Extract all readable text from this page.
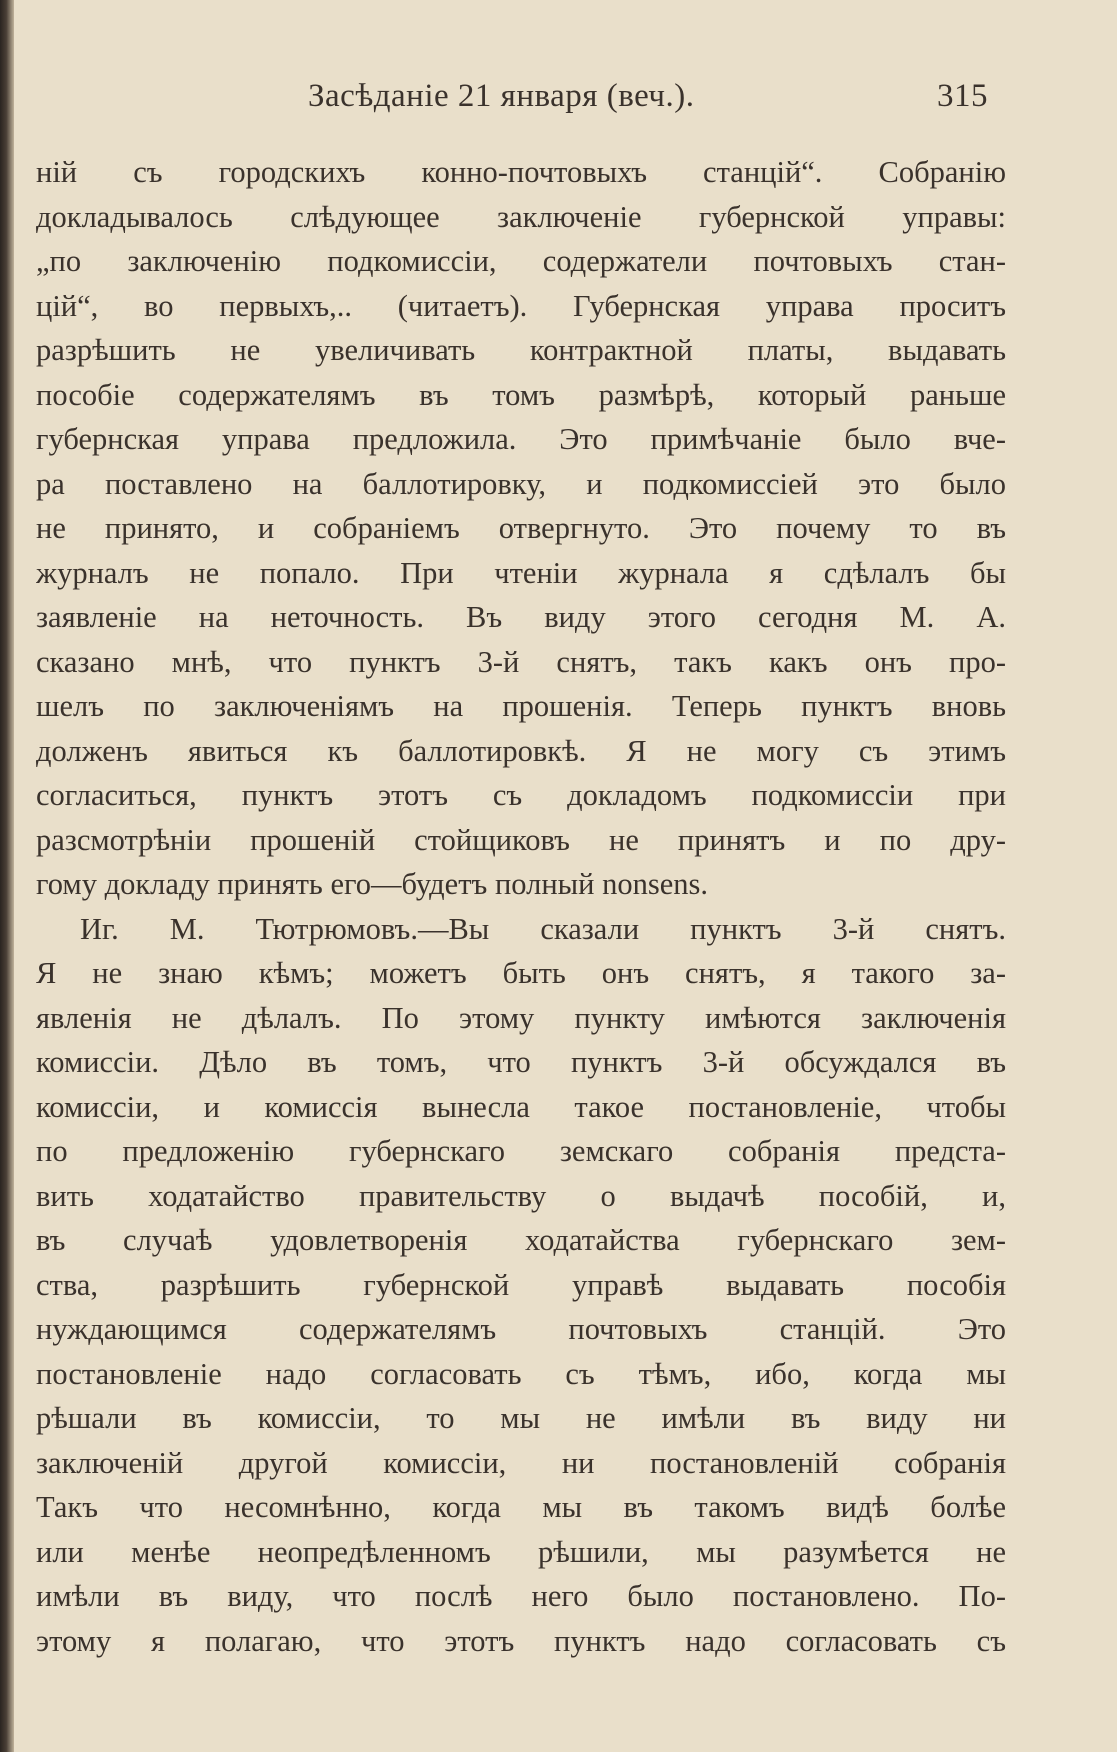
Засѣданіе 21 января (веч.).	315
ній съ городскихъ конно-почтовыхъ станцій“. Собранію
докладывалось слѣдующее заключеніе губернской управы:
„по заключенію подкомиссіи, содержатели почтовыхъ стан-
цій“, во первыхъ,.. (читаетъ). Губернская управа проситъ
разрѣшить не увеличивать контрактной платы, выдавать
пособіе содержателямъ въ томъ размѣрѣ, который раньше
губернская управа предложила. Это примѣчаніе было вче-
ра поставлено на баллотировку, и подкомиссіей это было
не принято, и собраніемъ отвергнуто. Это почему то въ
журналъ не попало. При чтеніи журнала я сдѣлалъ бы
заявленіе на неточность. Въ виду этого сегодня М. А.
сказано мнѣ, что пунктъ 3-й снятъ, такъ какъ онъ про-
шелъ по заключеніямъ на прошенія. Теперь пунктъ вновь
долженъ явиться къ баллотировкѣ. Я не могу съ этимъ
согласиться, пунктъ этотъ съ докладомъ подкомиссіи при
разсмотрѣніи прошеній стойщиковъ не принятъ и по дру-
гому докладу принять его—будетъ полный nonsens.
Иг. М. Тютрюмовъ.—Вы сказали пунктъ 3-й снятъ.
Я не знаю кѣмъ; можетъ быть онъ снятъ, я такого за-
явленія не дѣлалъ. По этому пункту имѣются заключенія
комиссіи. Дѣло въ томъ, что пунктъ 3-й обсуждался въ
комиссіи, и комиссія вынесла такое постановленіе, чтобы
по предложенію губернскаго земскаго собранія предста-
вить ходатайство правительству о выдачѣ пособій, и,
въ случаѣ удовлетворенія ходатайства губернскаго зем-
ства, разрѣшить губернской управѣ выдавать пособія
нуждающимся содержателямъ почтовыхъ станцій. Это
постановленіе надо согласовать съ тѣмъ, ибо, когда мы
рѣшали въ комиссіи, то мы не имѣли въ виду ни
заключеній другой комиссіи, ни постановленій собранія
Такъ что несомнѣнно, когда мы въ такомъ видѣ болѣе
или менѣе неопредѣленномъ рѣшили, мы разумѣется не
имѣли въ виду, что послѣ него было постановлено. По-
этому я полагаю, что этотъ пунктъ надо согласовать съ
